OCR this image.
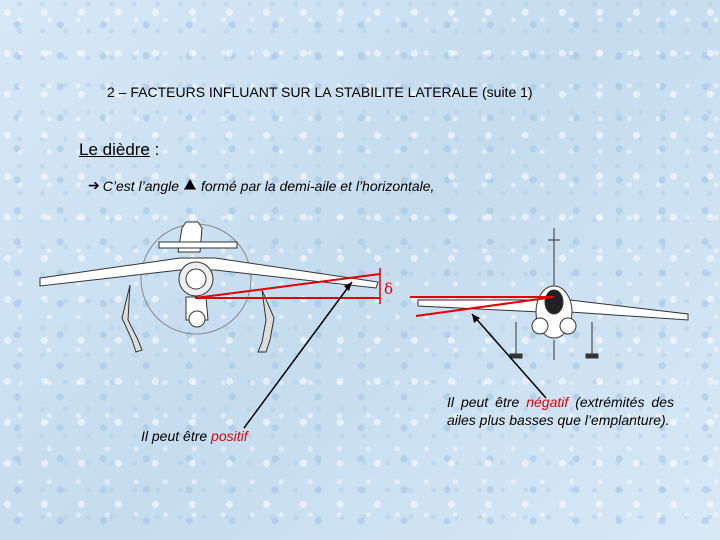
2 – FACTEURS INFLUANT SUR LA STABILITE LATERALE (suite 1)
Le dièdre :
➔ C’est l’angle formé par la demi-aile et l’horizontale,
δ
Il peut être positif
Il peut être négatif (extrémités des ailes plus basses que l’emplanture).
